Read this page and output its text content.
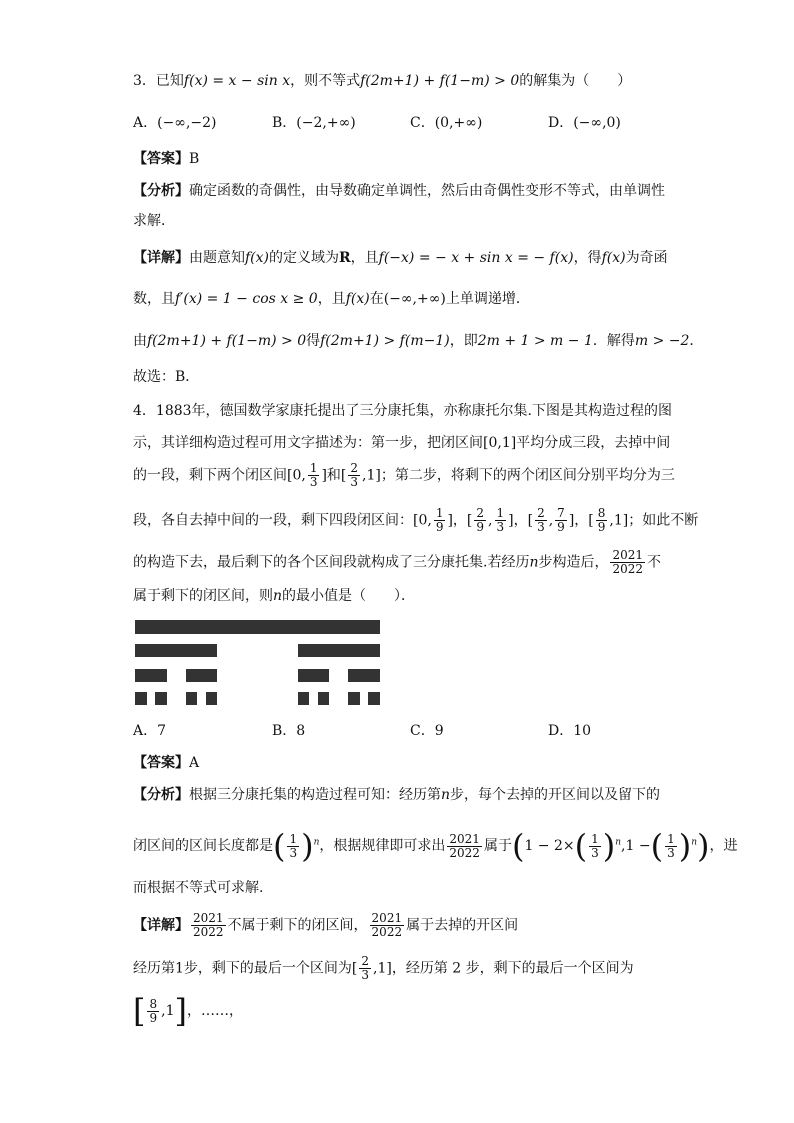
3．已知f(x) = x − sin x，则不等式f(2m+1) + f(1−m) > 0的解集为（　　）
A．(−∞,−2)	B．(−2,+∞)	C．(0,+∞)	D．(−∞,0)
【答案】B
【分析】确定函数的奇偶性，由导数确定单调性，然后由奇偶性变形不等式，由单调性
求解．
【详解】由题意知f(x)的定义域为R，且f(−x) = − x + sin x = − f(x)，得f(x)为奇函
数，且f′(x) = 1 − cos x ≥ 0，且f(x)在(−∞,+∞)上单调递增．
由f(2m+1) + f(1−m) > 0得f(2m+1) > f(m−1)，即2m + 1 > m − 1．解得m > −2．
故选：B．
4．1883年，德国数学家康托提出了三分康托集，亦称康托尔集.下图是其构造过程的图
示，其详细构造过程可用文字描述为：第一步，把闭区间[0,1]平均分成三段，去掉中间
的一段，剩下两个闭区间[0, $\frac{1}{3}$ ]和[ $\frac{2}{3} ,1$]；第二步，将剩下的两个闭区间分别平均分为三
段，各自去掉中间的一段，剩下四段闭区间：[0, $\frac{1}{9}$ ]，[ $\frac{2}{9}$ , $\frac{1}{3}$ ]，[ $\frac{2}{3}$ , $\frac{7}{9}$ ]，[ $\frac{8}{9} ,1$]；如此不断
的构造下去，最后剩下的各个区间段就构成了三分康托集.若经历n步构造后， $\frac{2021}{2022}$ 不
属于剩下的闭区间，则n的最小值是（　　）．
A．7	B．8	C．9	D．10
【答案】A
【分析】根据三分康托集的构造过程可知：经历第n步，每个去掉的开区间以及留下的
闭区间的区间长度都是( $\frac{1}{3} )^n$，根据规律即可求出 $\frac{2021}{2022}$ 属于($1 - 2\times( \frac{1}{3} )^n,1$ −( $\frac{1}{3} )^n$)，进
而根据不等式可求解.
【详解】 $\frac{2021}{2022}$ 不属于剩下的闭区间， $\frac{2021}{2022}$ 属于去掉的开区间
经历第1步，剩下的最后一个区间为[ $\frac{2}{3} ,1$]，经历第 2 步，剩下的最后一个区间为
[ $\frac{8}{9} ,1$]，……，
